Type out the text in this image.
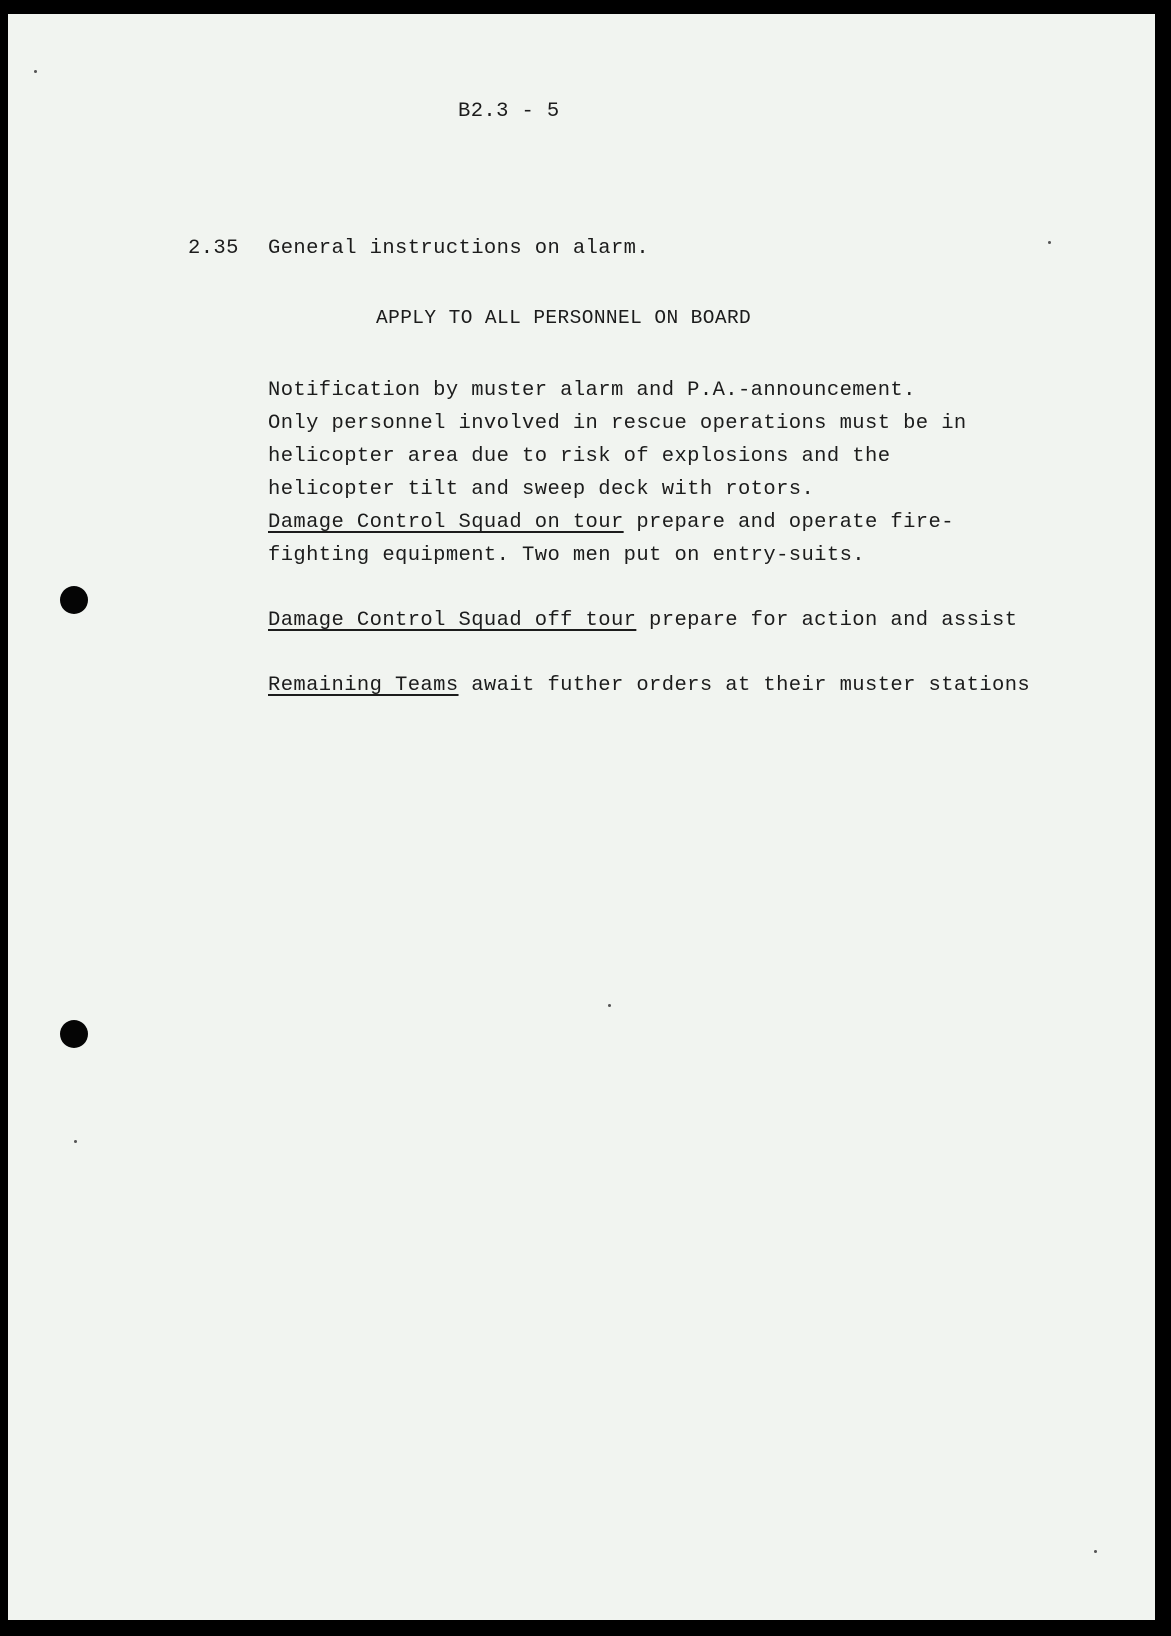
B2.3 - 5
2.35 General instructions on alarm.
APPLY TO ALL PERSONNEL ON BOARD
Notification by muster alarm and P.A.-announcement.
Only personnel involved in rescue operations must be in
helicopter area due to risk of explosions and the
helicopter tilt and sweep deck with rotors.
Damage Control Squad on tour prepare and operate fire-
fighting equipment. Two men put on entry-suits.
Damage Control Squad off tour prepare for action and assist
Remaining Teams await futher orders at their muster stations
